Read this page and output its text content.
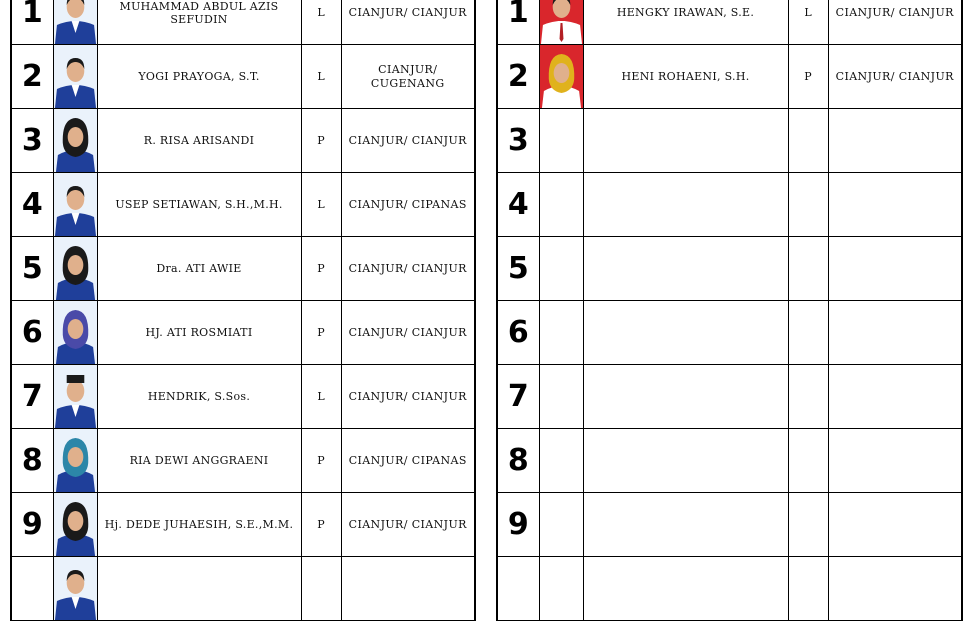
1		MUHAMMAD ABDUL AZIS SEFUDIN	L	CIANJUR/ CIANJUR
2		YOGI PRAYOGA, S.T.	L	CIANJUR/ CUGENANG
3		R. RISA ARISANDI	P	CIANJUR/ CIANJUR
4		USEP SETIAWAN, S.H.,M.H.	L	CIANJUR/ CIPANAS
5		Dra. ATI AWIE	P	CIANJUR/ CIANJUR
6		HJ. ATI ROSMIATI	P	CIANJUR/ CIANJUR
7		HENDRIK, S.Sos.	L	CIANJUR/ CIANJUR
8		RIA DEWI ANGGRAENI	P	CIANJUR/ CIPANAS
9		Hj. DEDE JUHAESIH, S.E.,M.M.	P	CIANJUR/ CIANJUR

1		HENGKY IRAWAN, S.E.	L	CIANJUR/ CIANJUR
2		HENI ROHAENI, S.H.	P	CIANJUR/ CIANJUR
3				
4				
5				
6				
7				
8				
9				
